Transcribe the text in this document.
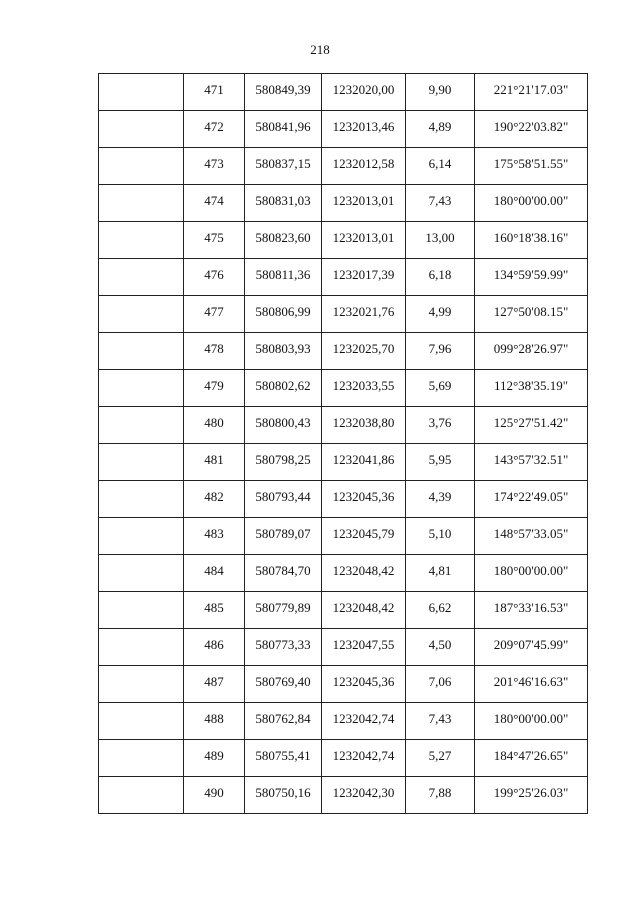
218

	471	580849,39	1232020,00	9,90	221°21'17.03"

	472	580841,96	1232013,46	4,89	190°22'03.82"

	473	580837,15	1232012,58	6,14	175°58'51.55"

	474	580831,03	1232013,01	7,43	180°00'00.00"

	475	580823,60	1232013,01	13,00	160°18'38.16"

	476	580811,36	1232017,39	6,18	134°59'59.99"

	477	580806,99	1232021,76	4,99	127°50'08.15"

	478	580803,93	1232025,70	7,96	099°28'26.97"

	479	580802,62	1232033,55	5,69	112°38'35.19"

	480	580800,43	1232038,80	3,76	125°27'51.42"

	481	580798,25	1232041,86	5,95	143°57'32.51"

	482	580793,44	1232045,36	4,39	174°22'49.05"

	483	580789,07	1232045,79	5,10	148°57'33.05"

	484	580784,70	1232048,42	4,81	180°00'00.00"

	485	580779,89	1232048,42	6,62	187°33'16.53"

	486	580773,33	1232047,55	4,50	209°07'45.99"

	487	580769,40	1232045,36	7,06	201°46'16.63"

	488	580762,84	1232042,74	7,43	180°00'00.00"

	489	580755,41	1232042,74	5,27	184°47'26.65"

	490	580750,16	1232042,30	7,88	199°25'26.03"
